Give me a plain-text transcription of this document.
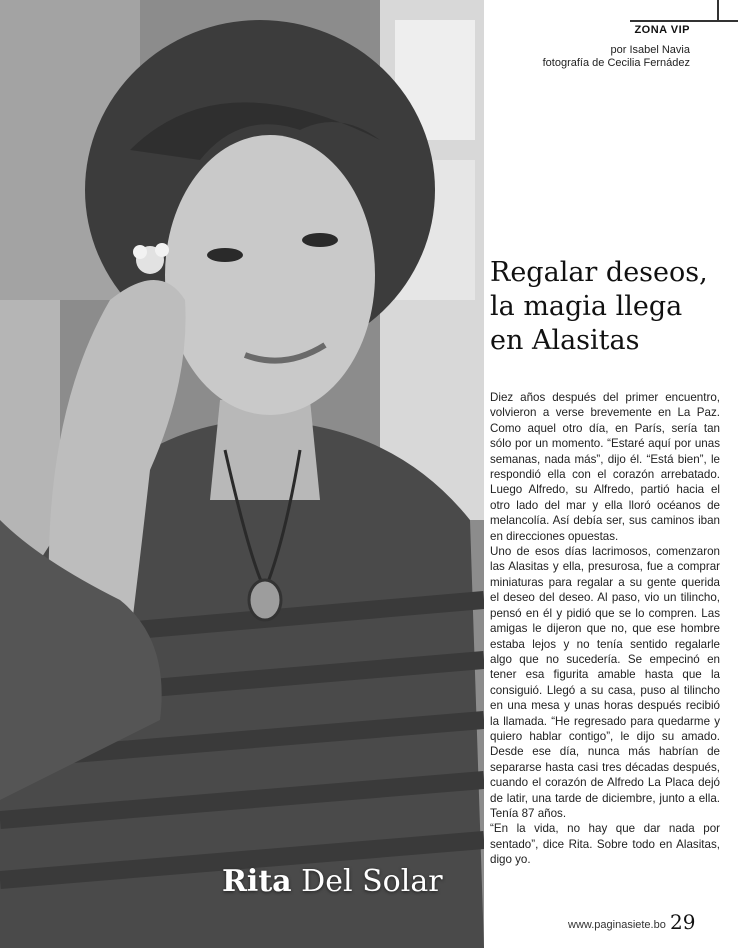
Rita Del Solar
ZONA VIP
por Isabel Navia
fotografía de Cecilia Fernádez
Regalar deseos,
la magia llega
en Alasitas

Diez años después del primer encuentro, volvieron a verse brevemente en La Paz. Como aquel otro día, en París, sería tan sólo por un momento. “Estaré aquí por unas semanas, nada más”, dijo él. “Está bien”, le respondió ella con el corazón arrebatado. Luego Alfredo, su Alfredo, partió hacia el otro lado del mar y ella lloró océanos de melancolía. Así debía ser, sus caminos iban en direcciones opuestas.

Uno de esos días lacrimosos, comenzaron las Alasitas y ella, presurosa, fue a comprar miniaturas para regalar a su gente querida el deseo del deseo. Al paso, vio un tilincho, pensó en él y pidió que se lo compren. Las amigas le dijeron que no, que ese hombre estaba lejos y no tenía sentido regalarle algo que no sucedería. Se empecinó en tener esa figurita amable hasta que la consiguió. Llegó a su casa, puso al tilincho en una mesa y unas horas después recibió la llamada. “He regresado para quedarme y quiero hablar contigo”, le dijo su amado. Desde ese día, nunca más habrían de separarse hasta casi tres décadas después, cuando el corazón de Alfredo La Placa dejó de latir, una tarde de diciembre, junto a ella. Tenía 87 años.

“En la vida, no hay que dar nada por sentado”, dice Rita. Sobre todo en Alasitas, digo yo.

www.paginasiete.bo 29
